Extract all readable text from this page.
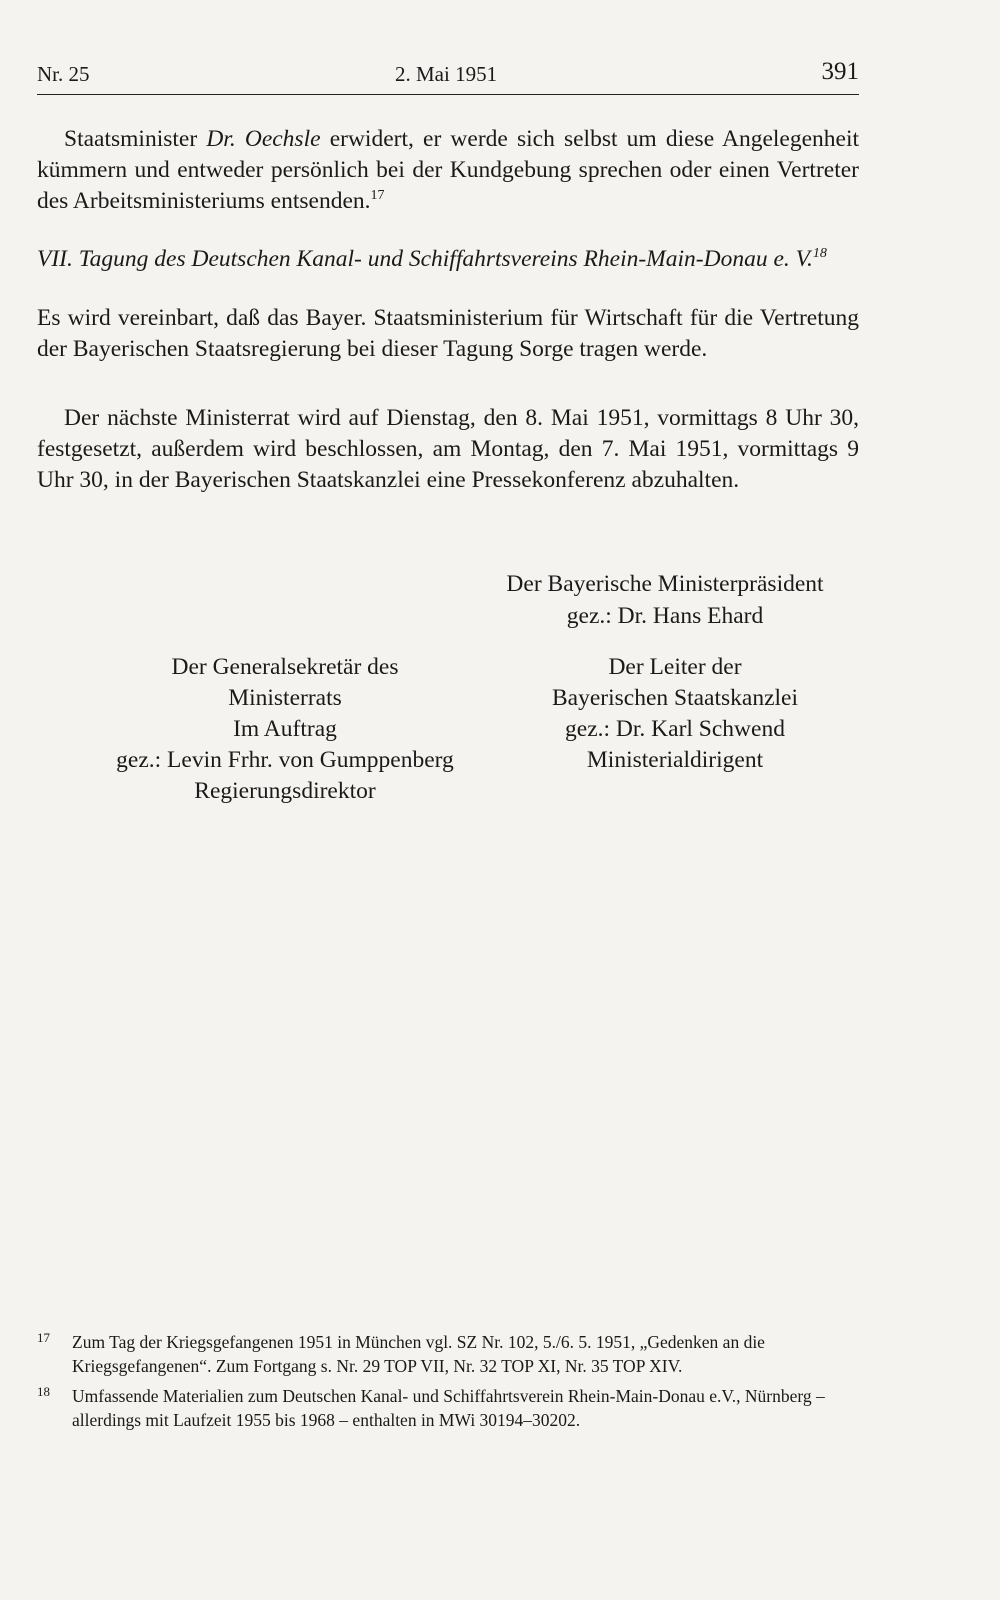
Nr. 25	2. Mai 1951	391
Staatsminister Dr. Oechsle erwidert, er werde sich selbst um diese Angelegenheit kümmern und entweder persönlich bei der Kundgebung sprechen oder einen Vertreter des Arbeitsministeriums entsenden.$^{17}$
VII. Tagung des Deutschen Kanal- und Schiffahrtsvereins Rhein-Main-Donau e. V.$^{18}$
Es wird vereinbart, daß das Bayer. Staatsministerium für Wirtschaft für die Vertretung der Bayerischen Staatsregierung bei dieser Tagung Sorge tragen werde.
Der nächste Ministerrat wird auf Dienstag, den 8. Mai 1951, vormittags 8 Uhr 30, festgesetzt, außerdem wird beschlossen, am Montag, den 7. Mai 1951, vormittags 9 Uhr 30, in der Bayerischen Staatskanzlei eine Pressekonferenz abzuhalten.
Der Bayerische Ministerpräsident
gez.: Dr. Hans Ehard
Der Generalsekretär des
Ministerrats
Im Auftrag
gez.: Levin Frhr. von Gumppenberg
Regierungsdirektor
Der Leiter der
Bayerischen Staatskanzlei
gez.: Dr. Karl Schwend
Ministerialdirigent
17 Zum Tag der Kriegsgefangenen 1951 in München vgl. SZ Nr. 102, 5./6. 5. 1951, „Gedenken an die Kriegsgefangenen“. Zum Fortgang s. Nr. 29 TOP VII, Nr. 32 TOP XI, Nr. 35 TOP XIV.
18 Umfassende Materialien zum Deutschen Kanal- und Schiffahrtsverein Rhein-Main-Donau e.V., Nürnberg – allerdings mit Laufzeit 1955 bis 1968 – enthalten in MWi 30194–30202.
